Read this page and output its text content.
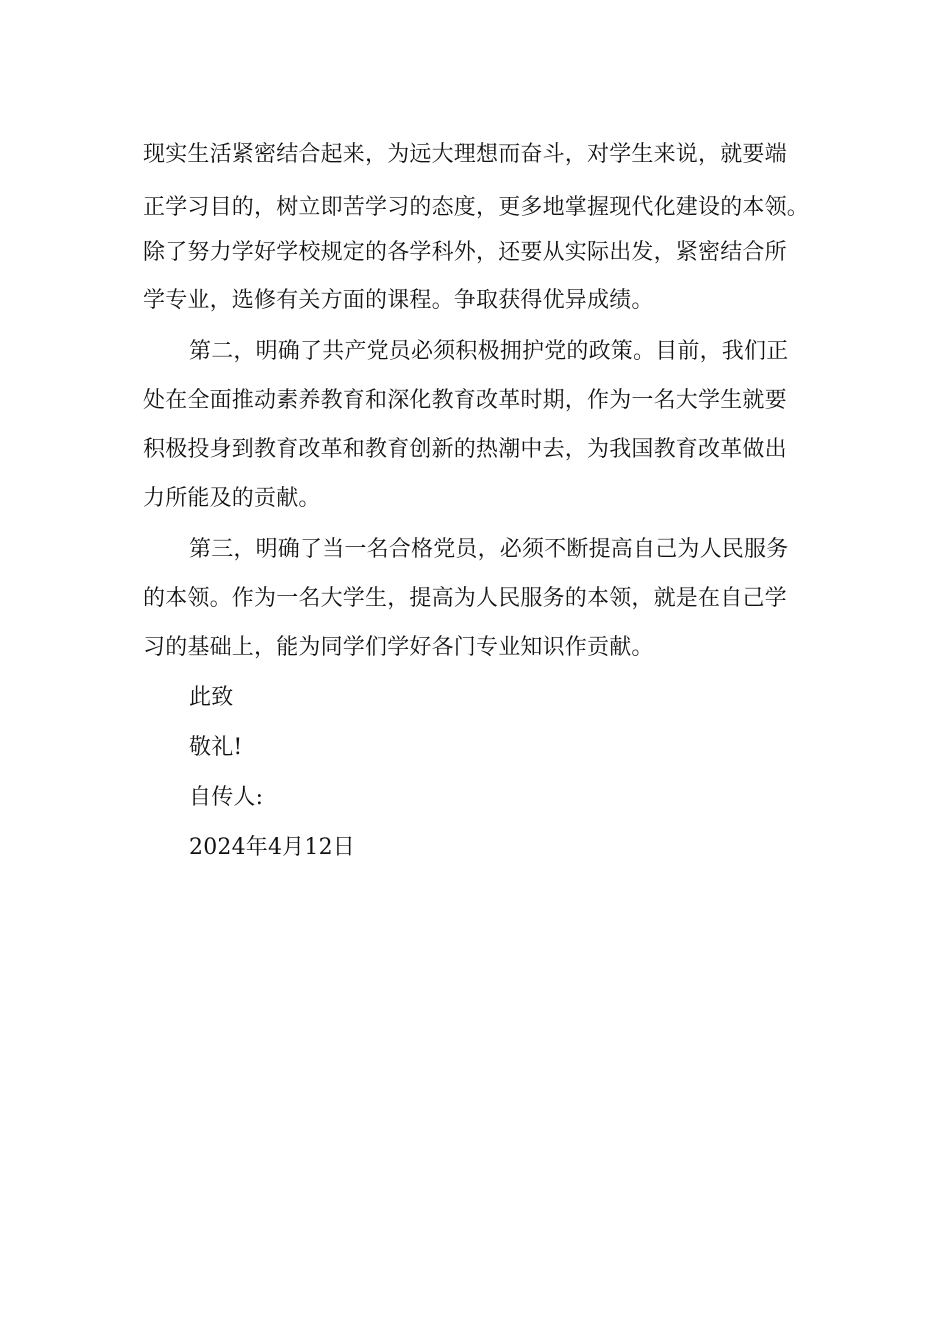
现实生活紧密结合起来，为远大理想而奋斗，对学生来说，就要端
正学习目的，树立即苦学习的态度，更多地掌握现代化建设的本领。
除了努力学好学校规定的各学科外，还要从实际出发，紧密结合所
学专业，选修有关方面的课程。争取获得优异成绩。
第二，明确了共产党员必须积极拥护党的政策。目前，我们正
处在全面推动素养教育和深化教育改革时期，作为一名大学生就要
积极投身到教育改革和教育创新的热潮中去，为我国教育改革做出
力所能及的贡献。
第三，明确了当一名合格党员，必须不断提高自己为人民服务
的本领。作为一名大学生，提高为人民服务的本领，就是在自己学
习的基础上，能为同学们学好各门专业知识作贡献。
此致
敬礼!
自传人:
2024年4月12日
